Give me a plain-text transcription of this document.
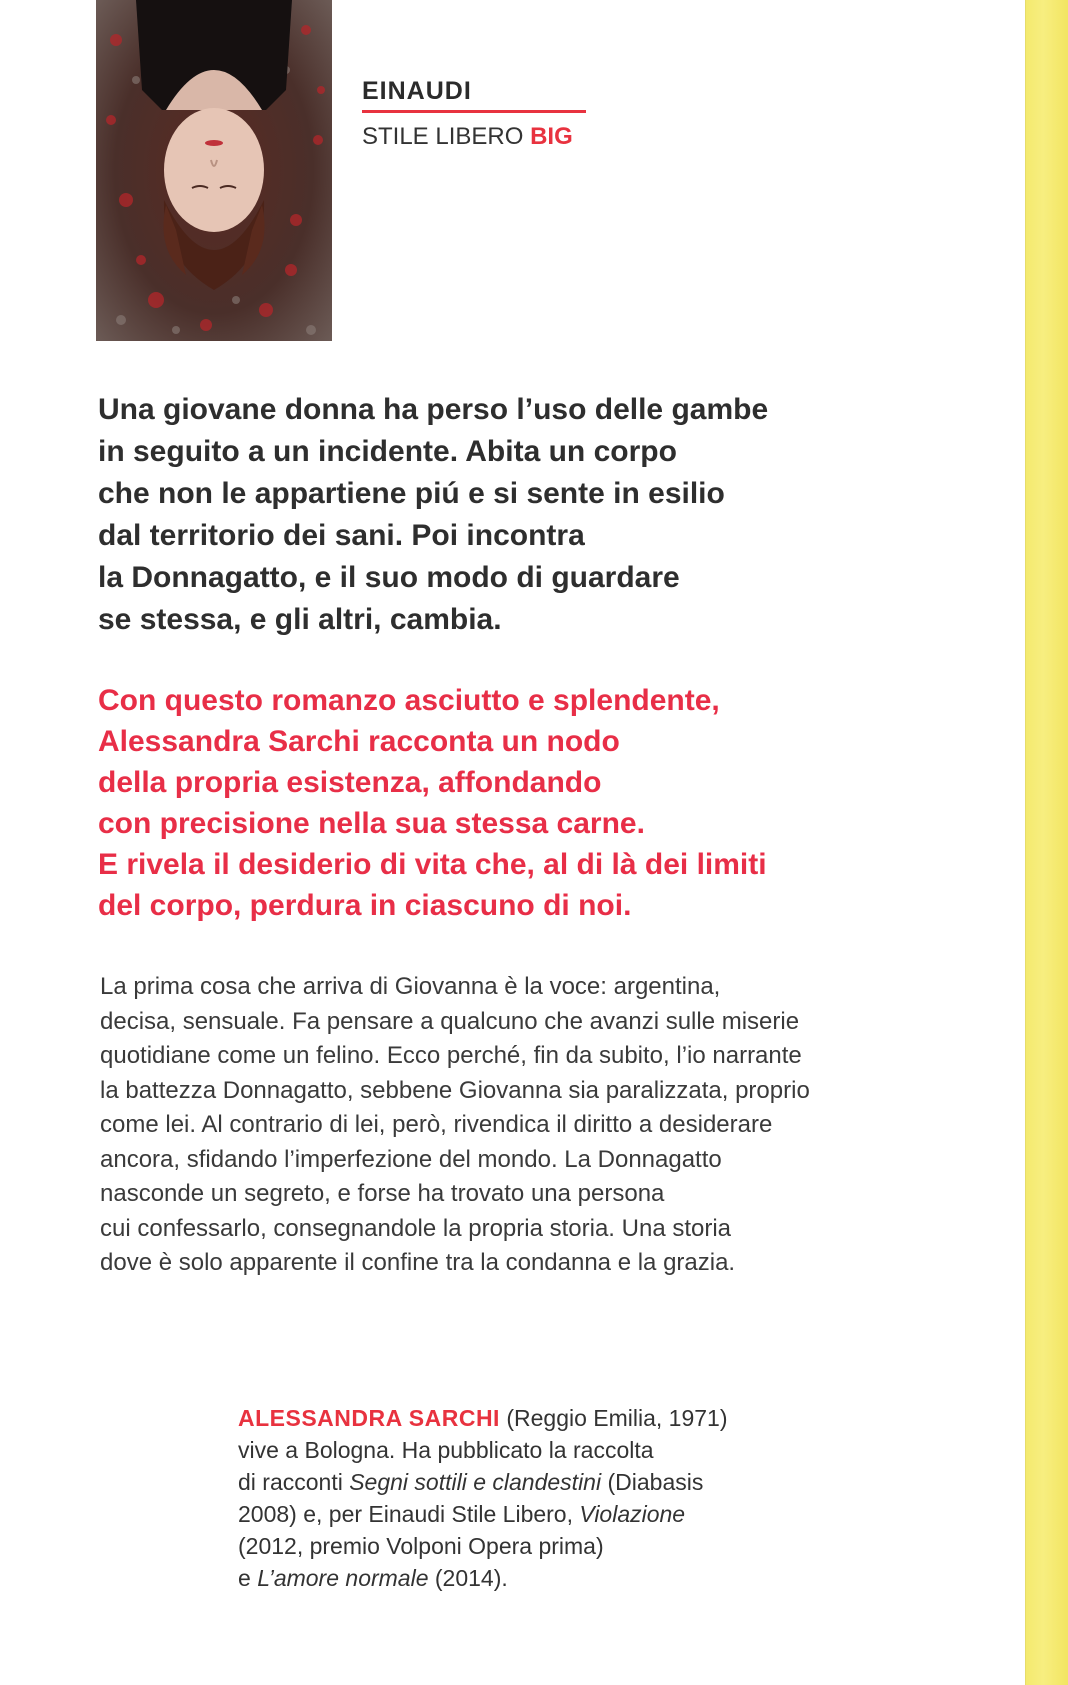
EINAUDI
STILE LIBERO BIG
Una giovane donna ha perso l’uso delle gambe
in seguito a un incidente. Abita un corpo
che non le appartiene piú e si sente in esilio
dal territorio dei sani. Poi incontra
la Donnagatto, e il suo modo di guardare
se stessa, e gli altri, cambia.
Con questo romanzo asciutto e splendente,
Alessandra Sarchi racconta un nodo
della propria esistenza, affondando
con precisione nella sua stessa carne.
E rivela il desiderio di vita che, al di là dei limiti
del corpo, perdura in ciascuno di noi.
La prima cosa che arriva di Giovanna è la voce: argentina,
decisa, sensuale. Fa pensare a qualcuno che avanzi sulle miserie
quotidiane come un felino. Ecco perché, fin da subito, l’io narrante
la battezza Donnagatto, sebbene Giovanna sia paralizzata, proprio
come lei. Al contrario di lei, però, rivendica il diritto a desiderare
ancora, sfidando l’imperfezione del mondo. La Donnagatto
nasconde un segreto, e forse ha trovato una persona
cui confessarlo, consegnandole la propria storia. Una storia
dove è solo apparente il confine tra la condanna e la grazia.
ALESSANDRA SARCHI (Reggio Emilia, 1971)
vive a Bologna. Ha pubblicato la raccolta
di racconti Segni sottili e clandestini (Diabasis
2008) e, per Einaudi Stile Libero, Violazione
(2012, premio Volponi Opera prima)
e L’amore normale (2014).
